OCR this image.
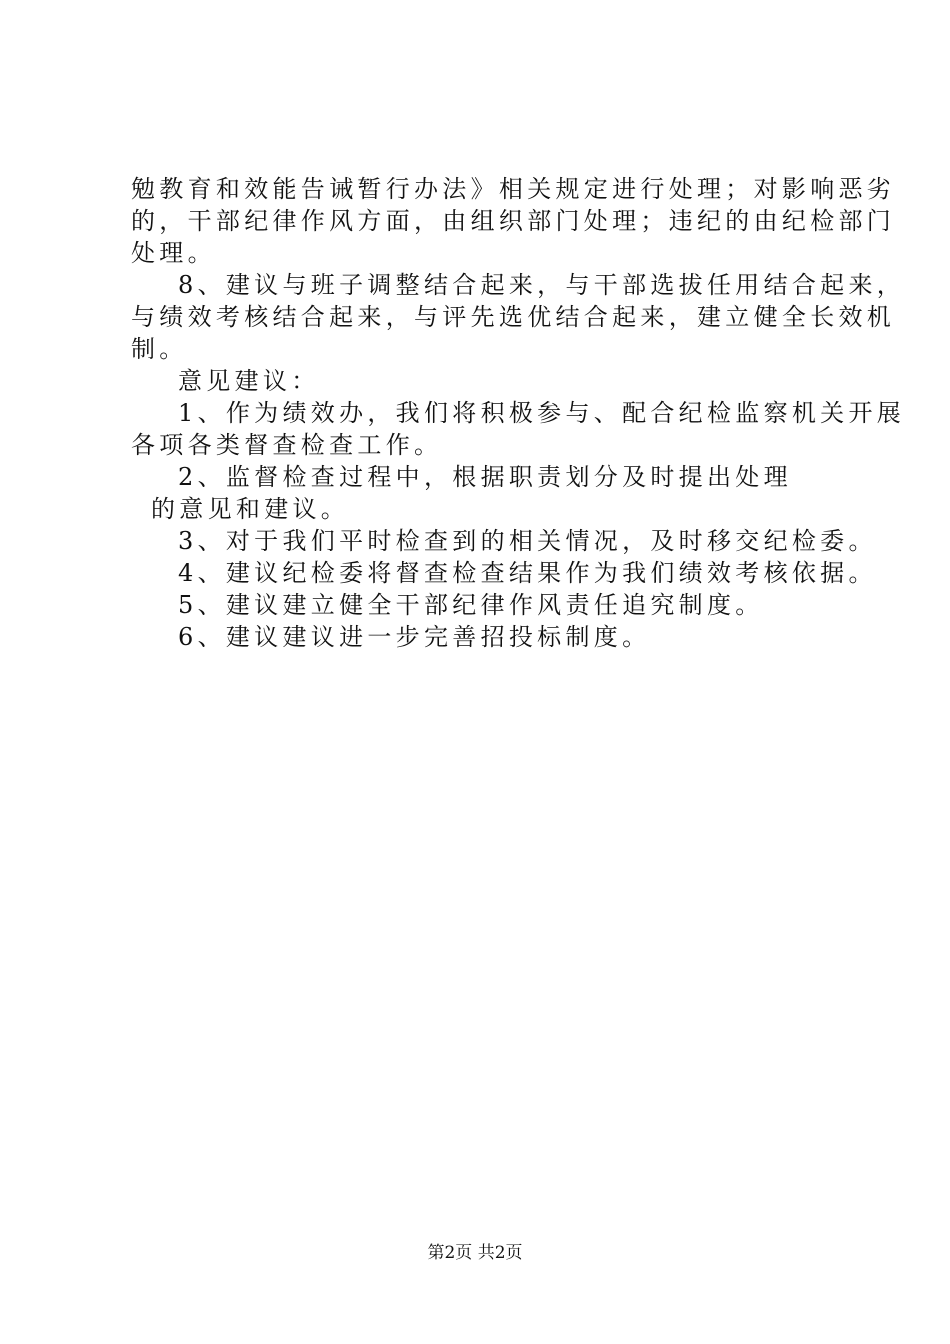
勉教育和效能告诫暂行办法》相关规定进行处理；对影响恶劣
的，干部纪律作风方面，由组织部门处理；违纪的由纪检部门
处理。
8、建议与班子调整结合起来，与干部选拔任用结合起来，
与绩效考核结合起来，与评先选优结合起来，建立健全长效机
制。
意见建议：
1、作为绩效办，我们将积极参与、配合纪检监察机关开展
各项各类督查检查工作。
2、监督检查过程中，根据职责划分及时提出处理
的意见和建议。
3、对于我们平时检查到的相关情况，及时移交纪检委。
4、建议纪检委将督查检查结果作为我们绩效考核依据。
5、建议建立健全干部纪律作风责任追究制度。
6、建议建议进一步完善招投标制度。
第2页 共2页
